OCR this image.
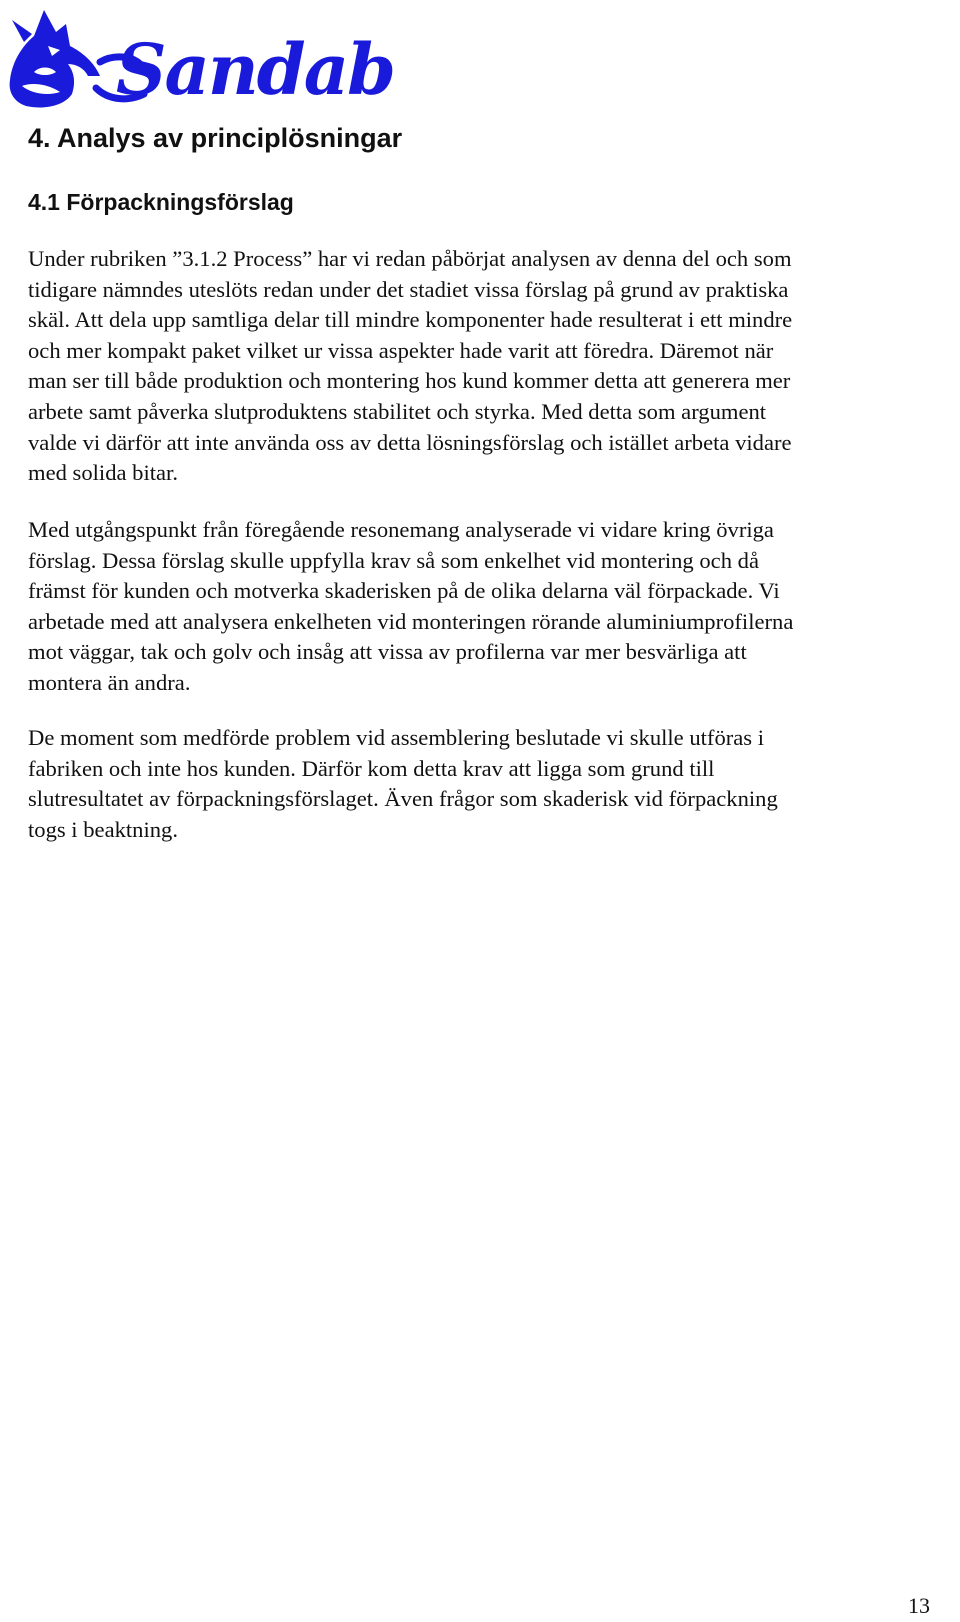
Sandab
4. Analys av principlösningar
4.1 Förpackningsförslag

Under rubriken ”3.1.2 Process” har vi redan påbörjat analysen av denna del och som
tidigare nämndes uteslöts redan under det stadiet vissa förslag på grund av praktiska
skäl. Att dela upp samtliga delar till mindre komponenter hade resulterat i ett mindre
och mer kompakt paket vilket ur vissa aspekter hade varit att föredra. Däremot när
man ser till både produktion och montering hos kund kommer detta att generera mer
arbete samt påverka slutproduktens stabilitet och styrka. Med detta som argument
valde vi därför att inte använda oss av detta lösningsförslag och istället arbeta vidare
med solida bitar.

Med utgångspunkt från föregående resonemang analyserade vi vidare kring övriga
förslag. Dessa förslag skulle uppfylla krav så som enkelhet vid montering och då
främst för kunden och motverka skaderisken på de olika delarna väl förpackade. Vi
arbetade med att analysera enkelheten vid monteringen rörande aluminiumprofilerna
mot väggar, tak och golv och insåg att vissa av profilerna var mer besvärliga att
montera än andra.

De moment som medförde problem vid assemblering beslutade vi skulle utföras i
fabriken och inte hos kunden. Därför kom detta krav att ligga som grund till
slutresultatet av förpackningsförslaget. Även frågor som skaderisk vid förpackning
togs i beaktning.

13
